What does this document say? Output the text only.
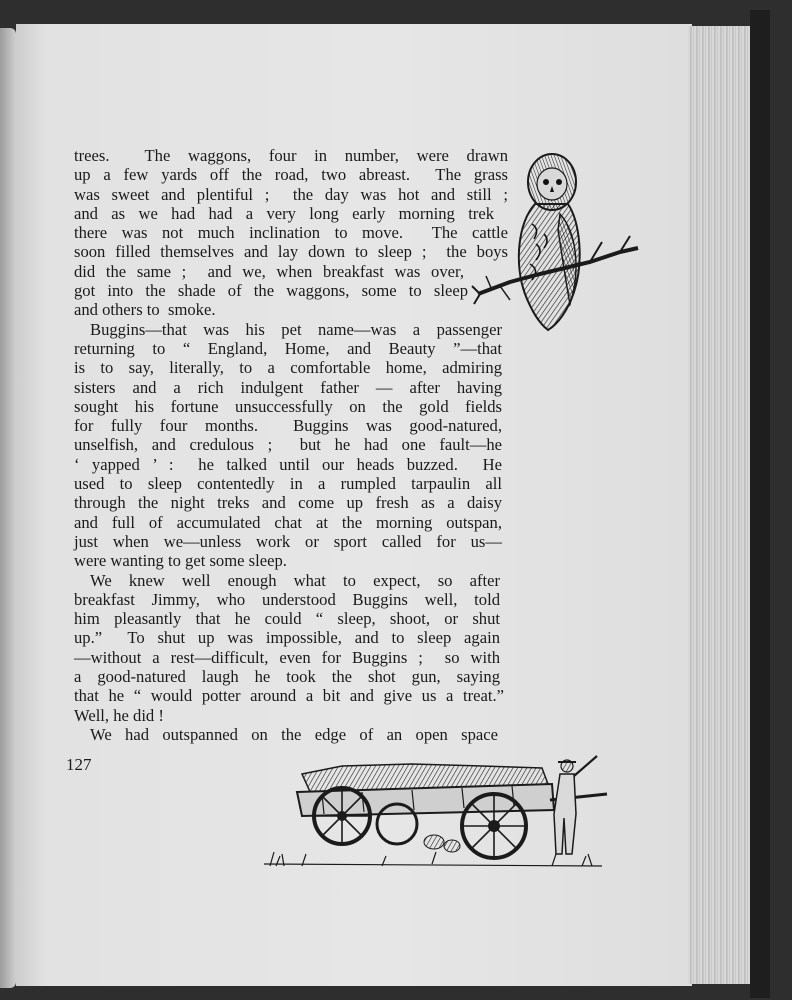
trees.  The waggons, four in number, were drawn
up a few yards off the road, two abreast.  The grass
was sweet and plentiful ;  the day was hot and still ;
and as we had had a very long early morning trek
there was not much inclination to move.  The cattle
soon filled themselves and lay down to sleep ;  the boys
did the same ;  and we, when breakfast was over,
got into the shade of the waggons, some to sleep
and others to  smoke.
Buggins—that was his pet name—was a passenger
returning to “ England, Home, and Beauty ”—that
is to say, literally, to a comfortable home, admiring
sisters and a rich indulgent father — after having
sought his fortune unsuccessfully on the gold fields
for fully four months.  Buggins was good-natured,
unselfish, and credulous ;  but he had one fault—he
‘ yapped ’ :  he talked until our heads buzzed.  He
used to sleep contentedly in a rumpled tarpaulin all
through the night treks and come up fresh as a daisy
and full of accumulated chat at the morning outspan,
just when we—unless work or sport called for us—
were wanting to get some sleep.
We knew well enough what to expect, so after
breakfast Jimmy, who understood Buggins well, told
him pleasantly that he could “ sleep, shoot, or shut
up.”  To shut up was impossible, and to sleep again
—without a rest—difficult, even for Buggins ;  so with
a good-natured laugh he took the shot gun, saying
that he “ would potter around a bit and give us a treat.”
Well, he did !
We had outspanned on the edge of an open space
127
